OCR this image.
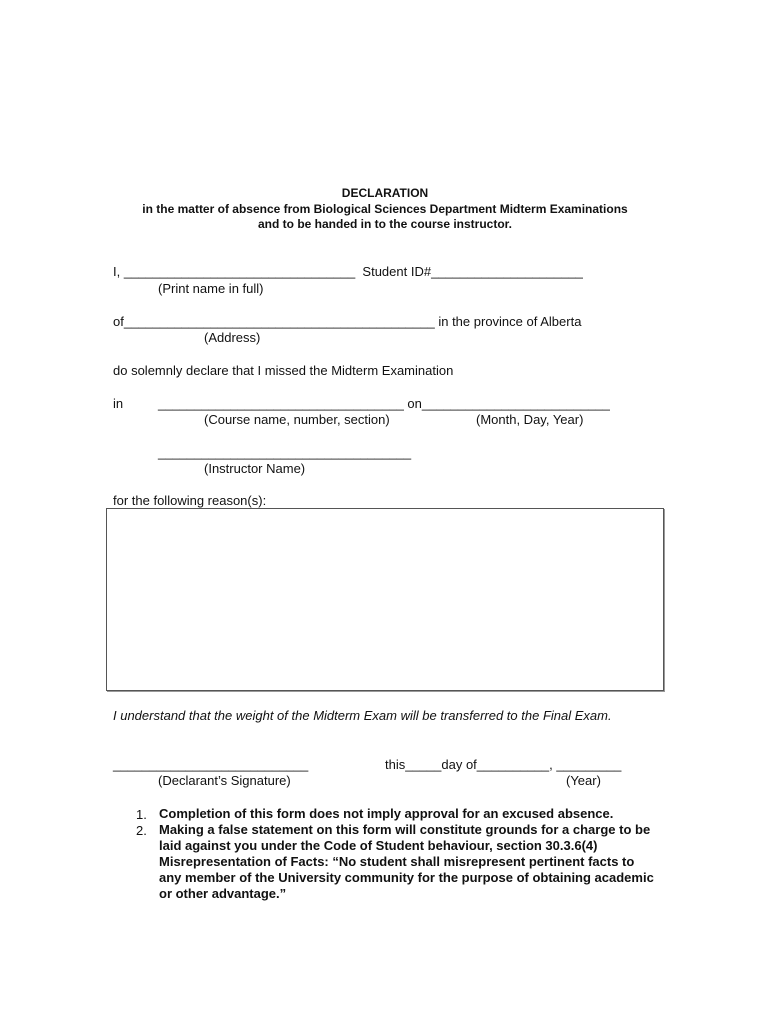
DECLARATION
in the matter of absence from Biological Sciences Department Midterm Examinations
and to be handed in to the course instructor.
I, ________________________________  Student ID#_____________________
(Print name in full)
of___________________________________________ in the province of Alberta
(Address)
do solemnly declare that I missed the Midterm Examination
in	__________________________________ on__________________________
(Course name, number, section)	(Month, Day, Year)
___________________________________
(Instructor Name)
for the following reason(s):
I understand that the weight of the Midterm Exam will be transferred to the Final Exam.
___________________________	this_____day of__________, _________
(Declarant’s Signature)	(Year)
1. Completion of this form does not imply approval for an excused absence.
2. Making a false statement on this form will constitute grounds for a charge to be laid against you under the Code of Student behaviour, section 30.3.6(4) Misrepresentation of Facts: “No student shall misrepresent pertinent facts to any member of the University community for the purpose of obtaining academic or other advantage.”
